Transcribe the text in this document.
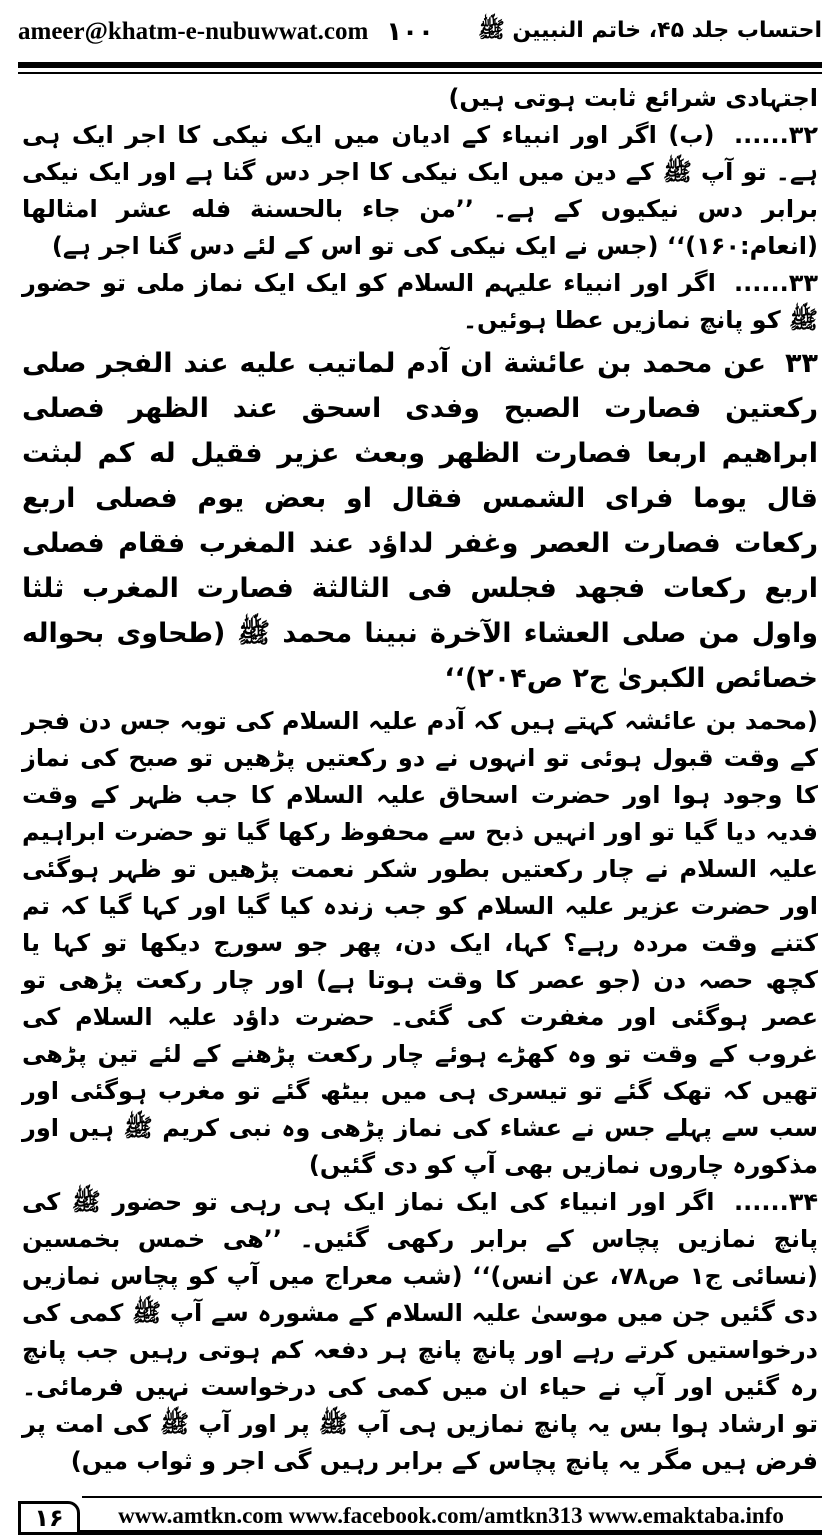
ameer@khatm-e-nubuwwat.com ۱۰۰ احتساب جلد ۴۵، خاتم النبیین ﷺ

اجتہادی شرائع ثابت ہوتی ہیں)

۳۲...... (ب) اگر اور انبیاء کے ادیان میں ایک نیکی کا اجر ایک ہی ہے۔ تو آپ ﷺ کے دین میں ایک نیکی کا اجر دس گنا ہے اور ایک نیکی برابر دس نیکیوں کے ہے۔ ’’من جاء بالحسنة فله عشر امثالها (انعام:۱۶۰)‘‘ (جس نے ایک نیکی کی تو اس کے لئے دس گنا اجر ہے)

۳۳...... اگر اور انبیاء علیہم السلام کو ایک ایک نماز ملی تو حضور ﷺ کو پانچ نمازیں عطا ہوئیں۔

۳۳ عن محمد بن عائشة ان آدم لماتيب عليه عند الفجر صلى ركعتين فصارت الصبح وفدى اسحق عند الظهر فصلى ابراهيم اربعا فصارت الظهر وبعث عزير فقيل له كم لبثت قال يوما فراى الشمس فقال او بعض يوم فصلى اربع ركعات فصارت العصر وغفر لداؤد عند المغرب فقام فصلى اربع ركعات فجهد فجلس فى الثالثة فصارت المغرب ثلثا واول من صلى العشاء الآخرة نبينا محمد ﷺ (طحاوى بحواله خصائص الكبرىٰ ج۲ ص۲۰۴)‘‘

(محمد بن عائشہ کہتے ہیں کہ آدم علیہ السلام کی توبہ جس دن فجر کے وقت قبول ہوئی تو انہوں نے دو رکعتیں پڑھیں تو صبح کی نماز کا وجود ہوا اور حضرت اسحاق علیہ السلام کا جب ظہر کے وقت فدیہ دیا گیا تو اور انہیں ذبح سے محفوظ رکھا گیا تو حضرت ابراہیم علیہ السلام نے چار رکعتیں بطور شکر نعمت پڑھیں تو ظہر ہوگئی اور حضرت عزیر علیہ السلام کو جب زندہ کیا گیا اور کہا گیا کہ تم کتنے وقت مردہ رہے؟ کہا، ایک دن، پھر جو سورج دیکھا تو کہا یا کچھ حصہ دن (جو عصر کا وقت ہوتا ہے) اور چار رکعت پڑھی تو عصر ہوگئی اور مغفرت کی گئی۔ حضرت داؤد علیہ السلام کی غروب کے وقت تو وہ کھڑے ہوئے چار رکعت پڑھنے کے لئے تین پڑھی تھیں کہ تھک گئے تو تیسری ہی میں بیٹھ گئے تو مغرب ہوگئی اور سب سے پہلے جس نے عشاء کی نماز پڑھی وہ نبی کریم ﷺ ہیں اور مذکورہ چاروں نمازیں بھی آپ کو دی گئیں)

۳۴...... اگر اور انبیاء کی ایک نماز ایک ہی رہی تو حضور ﷺ کی پانچ نمازیں پچاس کے برابر رکھی گئیں۔ ’’هى خمس بخمسين (نسائى ج۱ ص۷۸، عن انس)‘‘ (شب معراج میں آپ کو پچاس نمازیں دی گئیں جن میں موسیٰ علیہ السلام کے مشورہ سے آپ ﷺ کمی کی درخواستیں کرتے رہے اور پانچ پانچ ہر دفعہ کم ہوتی رہیں جب پانچ رہ گئیں اور آپ نے حیاء ان میں کمی کی درخواست نہیں فرمائی۔ تو ارشاد ہوا بس یہ پانچ نمازیں ہی آپ ﷺ پر اور آپ ﷺ کی امت پر فرض ہیں مگر یہ پانچ پچاس کے برابر رہیں گی اجر و ثواب میں)

۱۶	www.amtkn.com www.facebook.com/amtkn313 www.emaktaba.info
